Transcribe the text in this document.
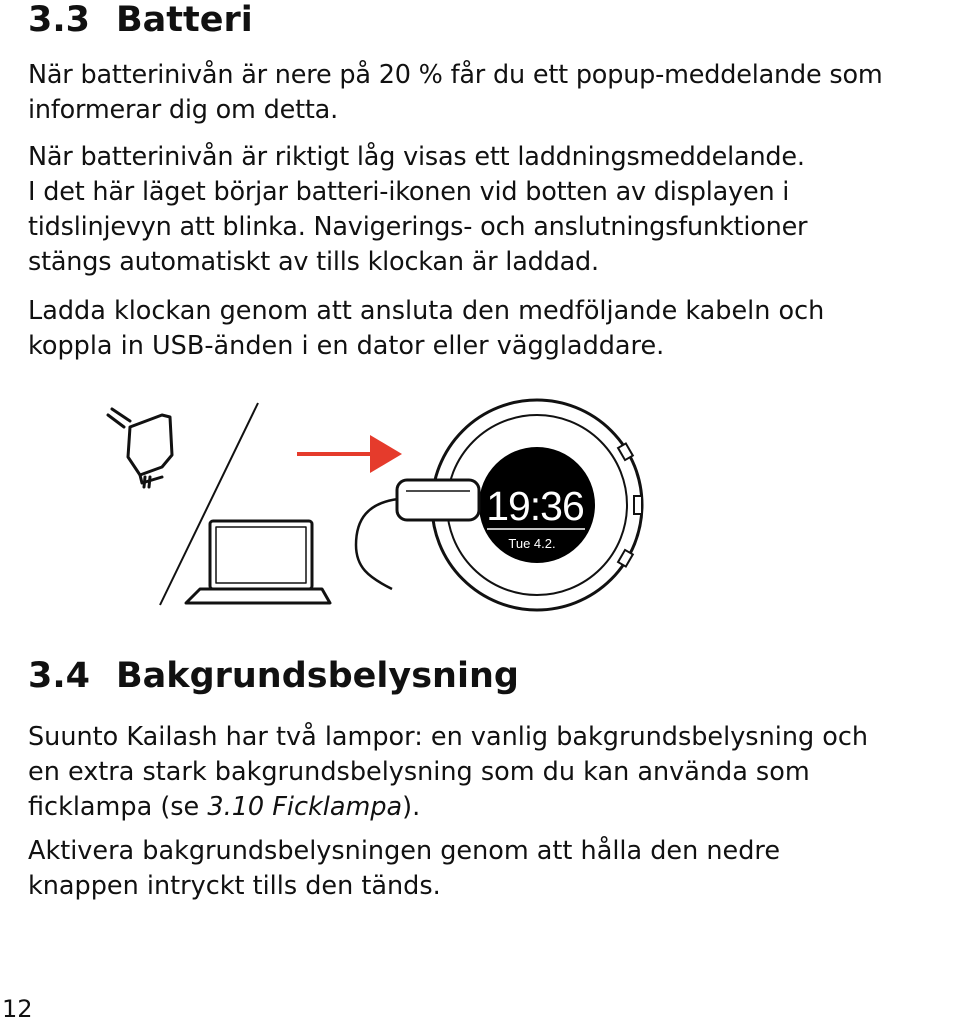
3.3 Batteri

När batterinivån är nere på 20 % får du ett popup-meddelande som
informerar dig om detta.

När batterinivån är riktigt låg visas ett laddningsmeddelande.
I det här läget börjar batteri-ikonen vid botten av displayen i
tidslinjevyn att blinka. Navigerings- och anslutningsfunktioner
stängs automatiskt av tills klockan är laddad.

Ladda klockan genom att ansluta den medföljande kabeln och
koppla in USB-änden i en dator eller väggladdare.

19:36
Tue 4.2.
3.4 Bakgrundsbelysning

Suunto Kailash har två lampor: en vanlig bakgrundsbelysning och
en extra stark bakgrundsbelysning som du kan använda som
ficklampa (se 3.10 Ficklampa).

Aktivera bakgrundsbelysningen genom att hålla den nedre
knappen intryckt tills den tänds.

12
